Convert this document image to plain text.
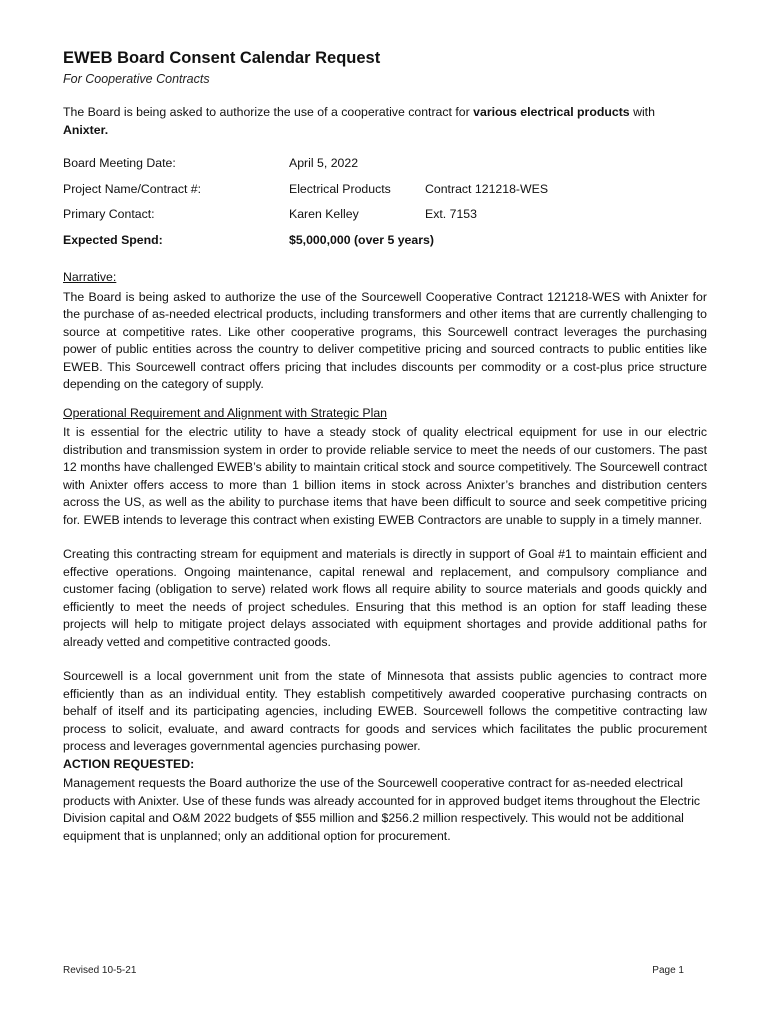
EWEB Board Consent Calendar Request
For Cooperative Contracts

The Board is being asked to authorize the use of a cooperative contract for various electrical products with
Anixter.

Board Meeting Date:	April 5, 2022
Project Name/Contract #:	Electrical Products	Contract 121218-WES
Primary Contact:	Karen Kelley	Ext. 7153
Expected Spend:	$5,000,000 (over 5 years)

Narrative:

The Board is being asked to authorize the use of the Sourcewell Cooperative Contract 121218-WES with Anixter for the purchase of as-needed electrical products, including transformers and other items that are currently challenging to source at competitive rates. Like other cooperative programs, this Sourcewell contract leverages the purchasing power of public entities across the country to deliver competitive pricing and sourced contracts to public entities like EWEB. This Sourcewell contract offers pricing that includes discounts per commodity or a cost-plus price structure depending on the category of supply.

Operational Requirement and Alignment with Strategic Plan

It is essential for the electric utility to have a steady stock of quality electrical equipment for use in our electric distribution and transmission system in order to provide reliable service to meet the needs of our customers. The past 12 months have challenged EWEB’s ability to maintain critical stock and source competitively. The Sourcewell contract with Anixter offers access to more than 1 billion items in stock across Anixter’s branches and distribution centers across the US, as well as the ability to purchase items that have been difficult to source and seek competitive pricing for. EWEB intends to leverage this contract when existing EWEB Contractors are unable to supply in a timely manner.

Creating this contracting stream for equipment and materials is directly in support of Goal #1 to maintain efficient and effective operations. Ongoing maintenance, capital renewal and replacement, and compulsory compliance and customer facing (obligation to serve) related work flows all require ability to source materials and goods quickly and efficiently to meet the needs of project schedules. Ensuring that this method is an option for staff leading these projects will help to mitigate project delays associated with equipment shortages and provide additional paths for already vetted and competitive contracted goods.

Sourcewell is a local government unit from the state of Minnesota that assists public agencies to contract more efficiently than as an individual entity. They establish competitively awarded cooperative purchasing contracts on behalf of itself and its participating agencies, including EWEB. Sourcewell follows the competitive contracting law process to solicit, evaluate, and award contracts for goods and services which facilitates the public procurement process and leverages governmental agencies purchasing power.

ACTION REQUESTED:

Management requests the Board authorize the use of the Sourcewell cooperative contract for as-needed electrical products with Anixter. Use of these funds was already accounted for in approved budget items throughout the Electric Division capital and O&M 2022 budgets of $55 million and $256.2 million respectively. This would not be additional equipment that is unplanned; only an additional option for procurement.

Revised 10-5-21	Page 1
